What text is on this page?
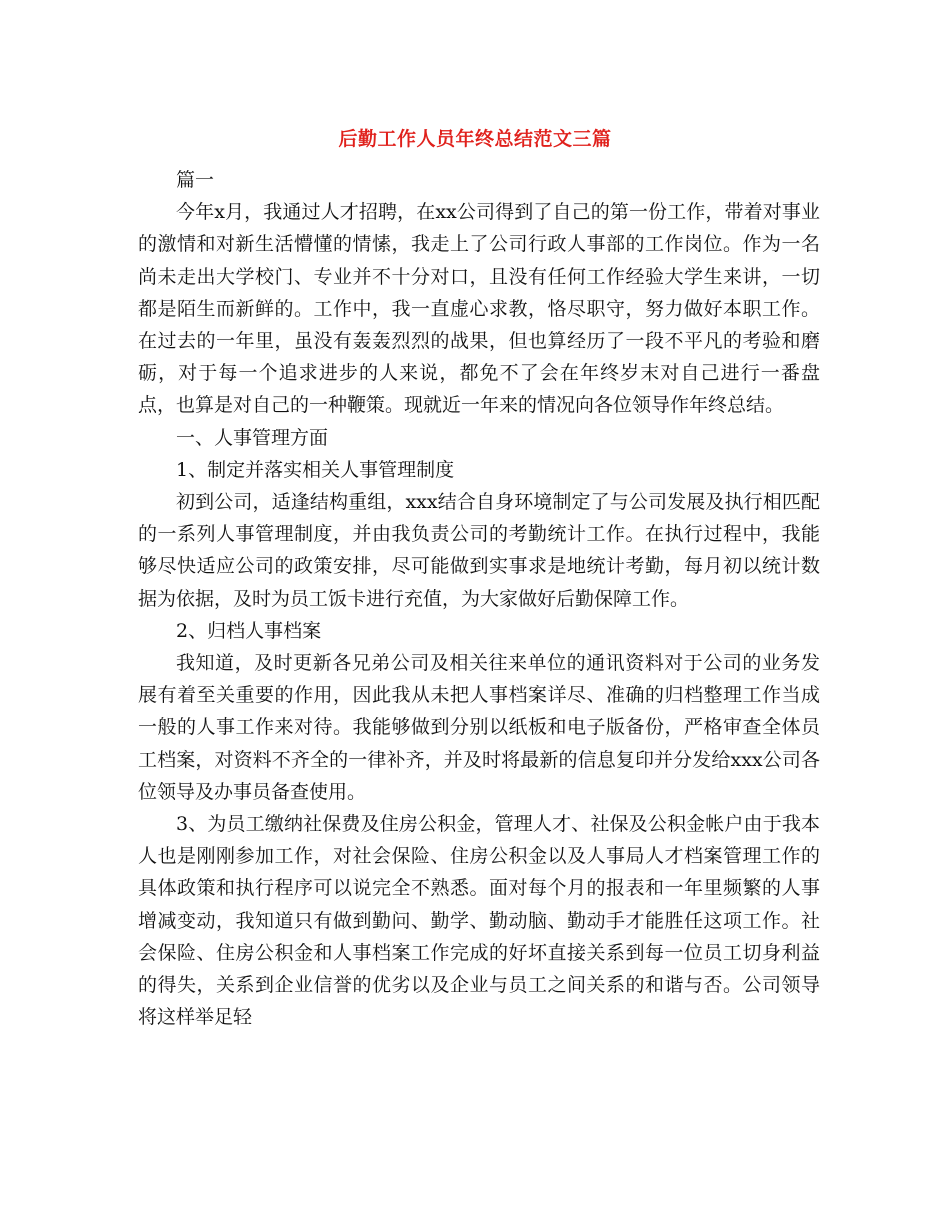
后勤工作人员年终总结范文三篇

篇一

今年x月，我通过人才招聘，在xx公司得到了自己的第一份工作，带着对事业的激情和对新生活懵懂的情愫，我走上了公司行政人事部的工作岗位。作为一名尚未走出大学校门、专业并不十分对口，且没有任何工作经验大学生来讲，一切都是陌生而新鲜的。工作中，我一直虚心求教，恪尽职守，努力做好本职工作。在过去的一年里，虽没有轰轰烈烈的战果，但也算经历了一段不平凡的考验和磨砺，对于每一个追求进步的人来说，都免不了会在年终岁末对自己进行一番盘点，也算是对自己的一种鞭策。现就近一年来的情况向各位领导作年终总结。

一、人事管理方面

1、制定并落实相关人事管理制度

初到公司，适逢结构重组，xxx结合自身环境制定了与公司发展及执行相匹配的一系列人事管理制度，并由我负责公司的考勤统计工作。在执行过程中，我能够尽快适应公司的政策安排，尽可能做到实事求是地统计考勤，每月初以统计数据为依据，及时为员工饭卡进行充值，为大家做好后勤保障工作。

2、归档人事档案

我知道，及时更新各兄弟公司及相关往来单位的通讯资料对于公司的业务发展有着至关重要的作用，因此我从未把人事档案详尽、准确的归档整理工作当成一般的人事工作来对待。我能够做到分别以纸板和电子版备份，严格审查全体员工档案，对资料不齐全的一律补齐，并及时将最新的信息复印并分发给xxx公司各位领导及办事员备查使用。

3、为员工缴纳社保费及住房公积金，管理人才、社保及公积金帐户由于我本人也是刚刚参加工作，对社会保险、住房公积金以及人事局人才档案管理工作的具体政策和执行程序可以说完全不熟悉。面对每个月的报表和一年里频繁的人事增减变动，我知道只有做到勤问、勤学、勤动脑、勤动手才能胜任这项工作。社会保险、住房公积金和人事档案工作完成的好坏直接关系到每一位员工切身利益的得失，关系到企业信誉的优劣以及企业与员工之间关系的和谐与否。公司领导将这样举足轻
